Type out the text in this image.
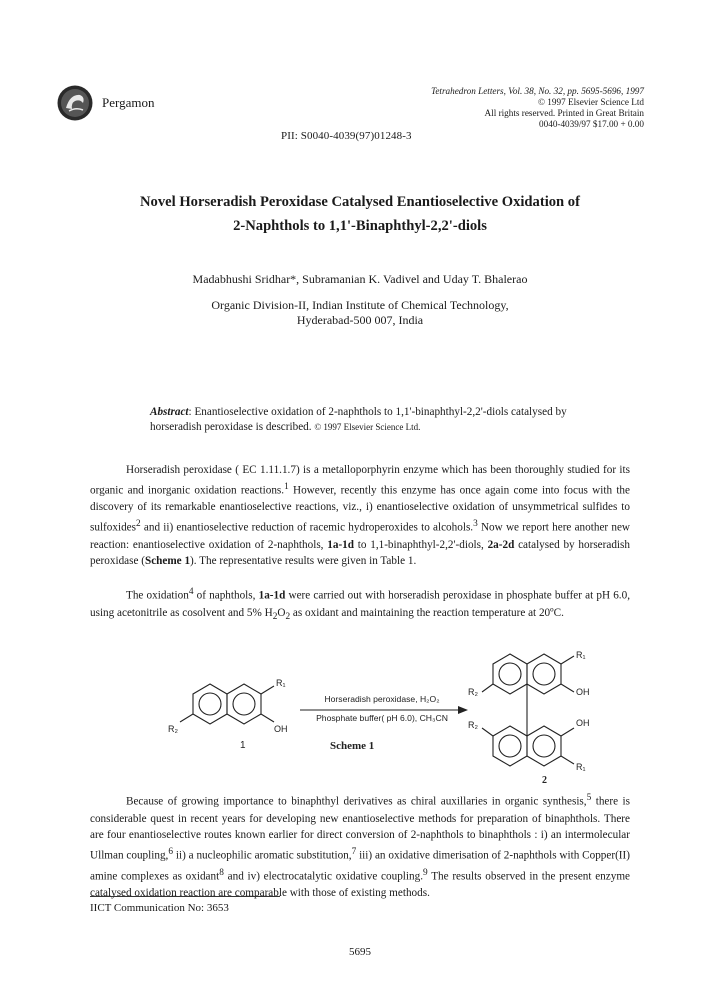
Pergamon
Tetrahedron Letters, Vol. 38, No. 32, pp. 5695-5696, 1997
© 1997 Elsevier Science Ltd
All rights reserved. Printed in Great Britain
0040-4039/97 $17.00 + 0.00
PII: S0040-4039(97)01248-3
Novel Horseradish Peroxidase Catalysed Enantioselective Oxidation of
2-Naphthols to 1,1'-Binaphthyl-2,2'-diols
Madabhushi Sridhar*, Subramanian K. Vadivel and Uday T. Bhalerao
Organic Division-II, Indian Institute of Chemical Technology,
Hyderabad-500 007, India
Abstract: Enantioselective oxidation of 2-naphthols to 1,1'-binaphthyl-2,2'-diols catalysed by horseradish peroxidase is described. © 1997 Elsevier Science Ltd.

Horseradish peroxidase ( EC 1.11.1.7) is a metalloporphyrin enzyme which has been thoroughly studied for its organic and inorganic oxidation reactions.$^1$ However, recently this enzyme has once again come into focus with the discovery of its remarkable enantioselective reactions, viz., i) enantioselective oxidation of unsymmetrical sulfides to sulfoxides$^2$ and ii) enantioselective reduction of racemic hydroperoxides to alcohols.$^3$ Now we report here another new reaction: enantioselective oxidation of 2-naphthols, 1a-1d to 1,1-binaphthyl-2,2'-diols, 2a-2d catalysed by horseradish peroxidase (Scheme 1). The representative results were given in Table 1.

The oxidation$^4$ of naphthols, 1a-1d were carried out with horseradish peroxidase in phosphate buffer at pH 6.0, using acetonitrile as cosolvent and 5% $H_2O_2$ as oxidant and maintaining the reaction temperature at 20ºC.

R₁
OH
R₂
1
Horseradish peroxidase, H₂O₂
Phosphate buffer( pH 6.0), CH₃CN
Scheme 1
R₁
OH
OH
R₁
R₂
R₂
2

Because of growing importance to binaphthyl derivatives as chiral auxillaries in organic synthesis,$^5$ there is considerable quest in recent years for developing new enantioselective methods for preparation of binaphthols. There are four enantioselective routes known earlier for direct conversion of 2-naphthols to binaphthols : i) an intermolecular Ullman coupling,$^6$ ii) a nucleophilic aromatic substitution,$^7$ iii) an oxidative dimerisation of 2-naphthols with Copper(II) amine complexes as oxidant$^8$ and iv) electrocatalytic oxidative coupling.$^9$ The results observed in the present enzyme catalysed oxidation reaction are comparable with those of existing methods.

IICT Communication No: 3653
5695
